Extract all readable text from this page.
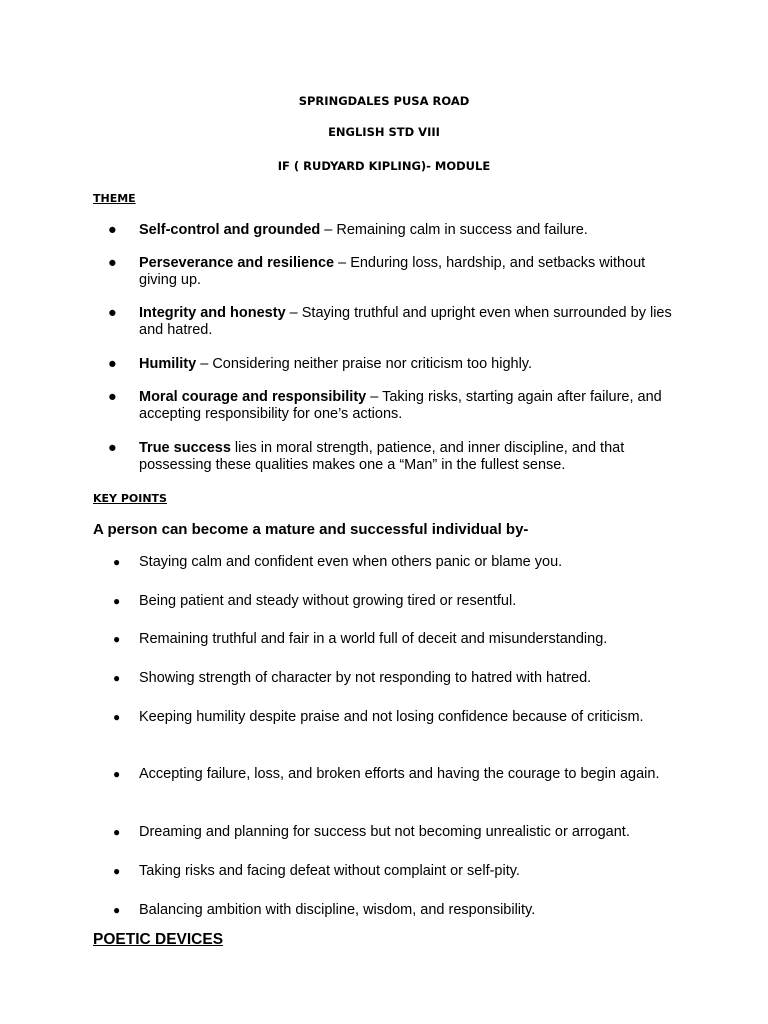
SPRINGDALES PUSA ROAD
ENGLISH STD VIII
IF ( RUDYARD KIPLING)- MODULE
THEME
● Self-control and grounded – Remaining calm in success and failure.
● Perseverance and resilience – Enduring loss, hardship, and setbacks without giving up.
● Integrity and honesty – Staying truthful and upright even when surrounded by lies and hatred.
● Humility – Considering neither praise nor criticism too highly.
● Moral courage and responsibility – Taking risks, starting again after failure, and accepting responsibility for one’s actions.
● True success lies in moral strength, patience, and inner discipline, and that possessing these qualities makes one a “Man” in the fullest sense.
KEY POINTS
A person can become a mature and successful individual by-
● Staying calm and confident even when others panic or blame you.
● Being patient and steady without growing tired or resentful.
● Remaining truthful and fair in a world full of deceit and misunderstanding.
● Showing strength of character by not responding to hatred with hatred.
● Keeping humility despite praise and not losing confidence because of criticism.
● Accepting failure, loss, and broken efforts and having the courage to begin again.
● Dreaming and planning for success but not becoming unrealistic or arrogant.
● Taking risks and facing defeat without complaint or self-pity.
● Balancing ambition with discipline, wisdom, and responsibility.
POETIC DEVICES
